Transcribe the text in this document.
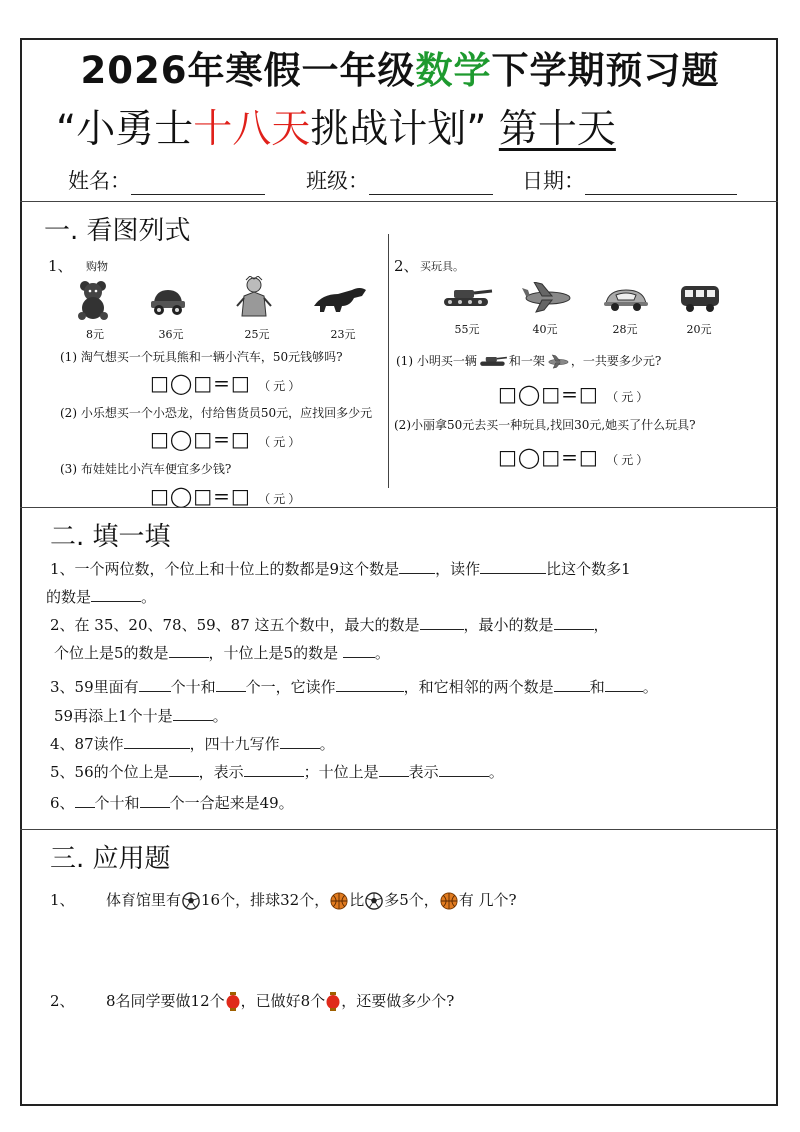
2026年寒假一年级数学下学期预习题
“小勇士十八天挑战计划” 第十天
姓名：	班级：	日期：
一. 看图列式
1、 购物
8元	36元	25元	23元
(1) 淘气想买一个玩具熊和一辆小汽车，50元钱够吗?
□◯□=□ （元）
(2) 小乐想买一个小恐龙，付给售货员50元，应找回多少元
□◯□=□ （元）
(3) 布娃娃比小汽车便宜多少钱?
□◯□=□ （元）
2、 买玩具。
55元	40元	28元	20元
(1) 小明买一辆	和一架 ，一共要多少元?
□◯□=□ （元）
(2)小丽拿50元去买一种玩具,找回30元,她买了什么玩具?
□◯□=□ （元）
二. 填一填
1、一个两位数，个位上和十位上的数都是9这个数是 ，读作	比这个数多1
的数是	。
2、在 35、20、78、59、87 这五个数中，最大的数是	，最小的数是	，
个位上是5的数是	，十位上是5的数是 。
3、59里面有 个十和 个一，它读作	，和它相邻的两个数是 和	。
59再添上1个十是	。
4、87读作	，四十九写作	。
5、56的个位上是 ，表示	；十位上是 表示	。
6、 个十和 个一合起来是49。
三. 应用题
1、 体育馆里有 16个，排球32个， 比 多5个， 有 几个?
2、 8名同学要做12个 ，已做好8个 ，还要做多少个?
